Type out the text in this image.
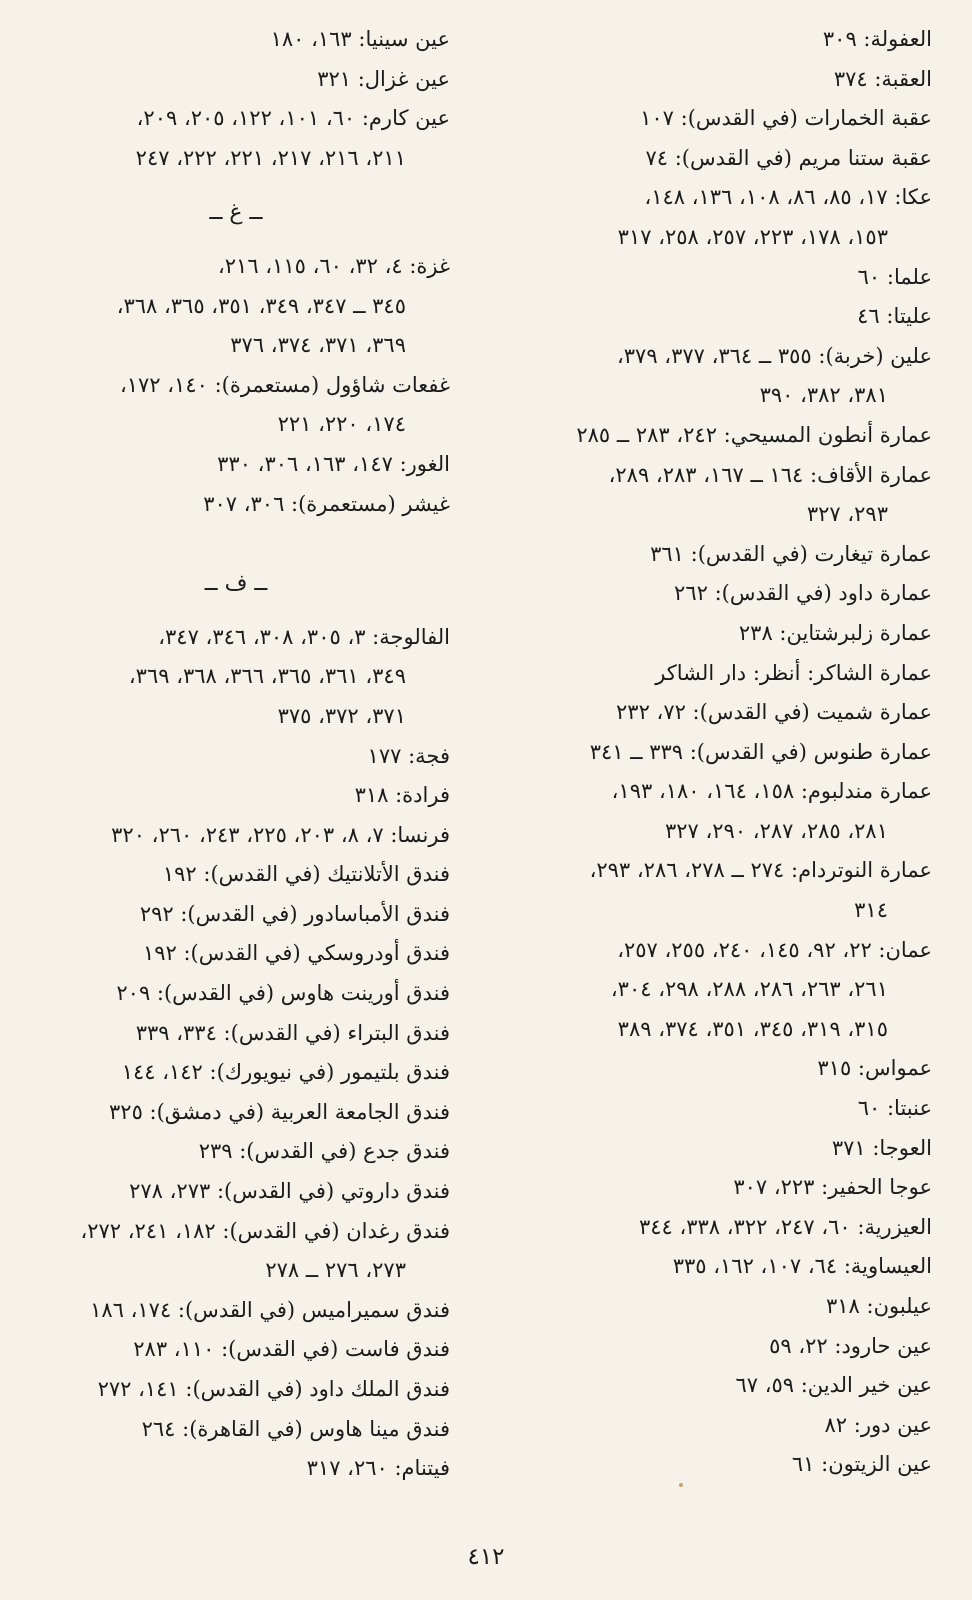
العفولة: ٣٠٩
العقبة: ٣٧٤
عقبة الخمارات (في القدس): ١٠٧
عقبة ستنا مريم (في القدس): ٧٤
عكا: ١٧، ٨٥، ٨٦، ١٠٨، ١٣٦، ١٤٨،
١٥٣، ١٧٨، ٢٢٣، ٢٥٧، ٢٥٨، ٣١٧
علما: ٦٠
عليتا: ٤٦
علين (خربة): ٣٥٥ ــ ٣٦٤، ٣٧٧، ٣٧٩،
٣٨١، ٣٨٢، ٣٩٠
عمارة أنطون المسيحي: ٢٤٢، ٢٨٣ ــ ٢٨٥
عمارة الأقاف: ١٦٤ ــ ١٦٧، ٢٨٣، ٢٨٩،
٢٩٣، ٣٢٧
عمارة تيغارت (في القدس): ٣٦١
عمارة داود (في القدس): ٢٦٢
عمارة زلبرشتاين: ٢٣٨
عمارة الشاكر: أنظر: دار الشاكر
عمارة شميت (في القدس): ٧٢، ٢٣٢
عمارة طنوس (في القدس): ٣٣٩ ــ ٣٤١
عمارة مندلبوم: ١٥٨، ١٦٤، ١٨٠، ١٩٣،
٢٨١، ٢٨٥، ٢٨٧، ٢٩٠، ٣٢٧
عمارة النوتردام: ٢٧٤ ــ ٢٧٨، ٢٨٦، ٢٩٣،
٣١٤
عمان: ٢٢، ٩٢، ١٤٥، ٢٤٠، ٢٥٥، ٢٥٧،
٢٦١، ٢٦٣، ٢٨٦، ٢٨٨، ٢٩٨، ٣٠٤،
٣١٥، ٣١٩، ٣٤٥، ٣٥١، ٣٧٤، ٣٨٩
عمواس: ٣١٥
عنبتا: ٦٠
العوجا: ٣٧١
عوجا الحفير: ٢٢٣، ٣٠٧
العيزرية: ٦٠، ٢٤٧، ٣٢٢، ٣٣٨، ٣٤٤
العيساوية: ٦٤، ١٠٧، ١٦٢، ٣٣٥
عيلبون: ٣١٨
عين حارود: ٢٢، ٥٩
عين خير الدين: ٥٩، ٦٧
عين دور: ٨٢
عين الزيتون: ٦١
عين سينيا: ١٦٣، ١٨٠
عين غزال: ٣٢١
عين كارم: ٦٠، ١٠١، ١٢٢، ٢٠٥، ٢٠٩،
٢١١، ٢١٦، ٢١٧، ٢٢١، ٢٢٢، ٢٤٧
ــ غ ــ
غزة: ٤، ٣٢، ٦٠، ١١٥، ٢١٦،
٣٤٥ ــ ٣٤٧، ٣٤٩، ٣٥١، ٣٦٥، ٣٦٨،
٣٦٩، ٣٧١، ٣٧٤، ٣٧٦
غفعات شاؤول (مستعمرة): ١٤٠، ١٧٢،
١٧٤، ٢٢٠، ٢٢١
الغور: ١٤٧، ١٦٣، ٣٠٦، ٣٣٠
غيشر (مستعمرة): ٣٠٦، ٣٠٧
ــ ف ــ
الفالوجة: ٣، ٣٠٥، ٣٠٨، ٣٤٦، ٣٤٧،
٣٤٩، ٣٦١، ٣٦٥، ٣٦٦، ٣٦٨، ٣٦٩،
٣٧١، ٣٧٢، ٣٧٥
فجة: ١٧٧
فرادة: ٣١٨
فرنسا: ٧، ٨، ٢٠٣، ٢٢٥، ٢٤٣، ٢٦٠، ٣٢٠
فندق الأتلانتيك (في القدس): ١٩٢
فندق الأمباسادور (في القدس): ٢٩٢
فندق أودروسكي (في القدس): ١٩٢
فندق أورينت هاوس (في القدس): ٢٠٩
فندق البتراء (في القدس): ٣٣٤، ٣٣٩
فندق بلتيمور (في نيويورك): ١٤٢، ١٤٤
فندق الجامعة العربية (في دمشق): ٣٢٥
فندق جدع (في القدس): ٢٣٩
فندق داروتي (في القدس): ٢٧٣، ٢٧٨
فندق رغدان (في القدس): ١٨٢، ٢٤١، ٢٧٢،
٢٧٣، ٢٧٦ ــ ٢٧٨
فندق سميراميس (في القدس): ١٧٤، ١٨٦
فندق فاست (في القدس): ١١٠، ٢٨٣
فندق الملك داود (في القدس): ١٤١، ٢٧٢
فندق مينا هاوس (في القاهرة): ٢٦٤
فيتنام: ٢٦٠، ٣١٧
٤١٢
